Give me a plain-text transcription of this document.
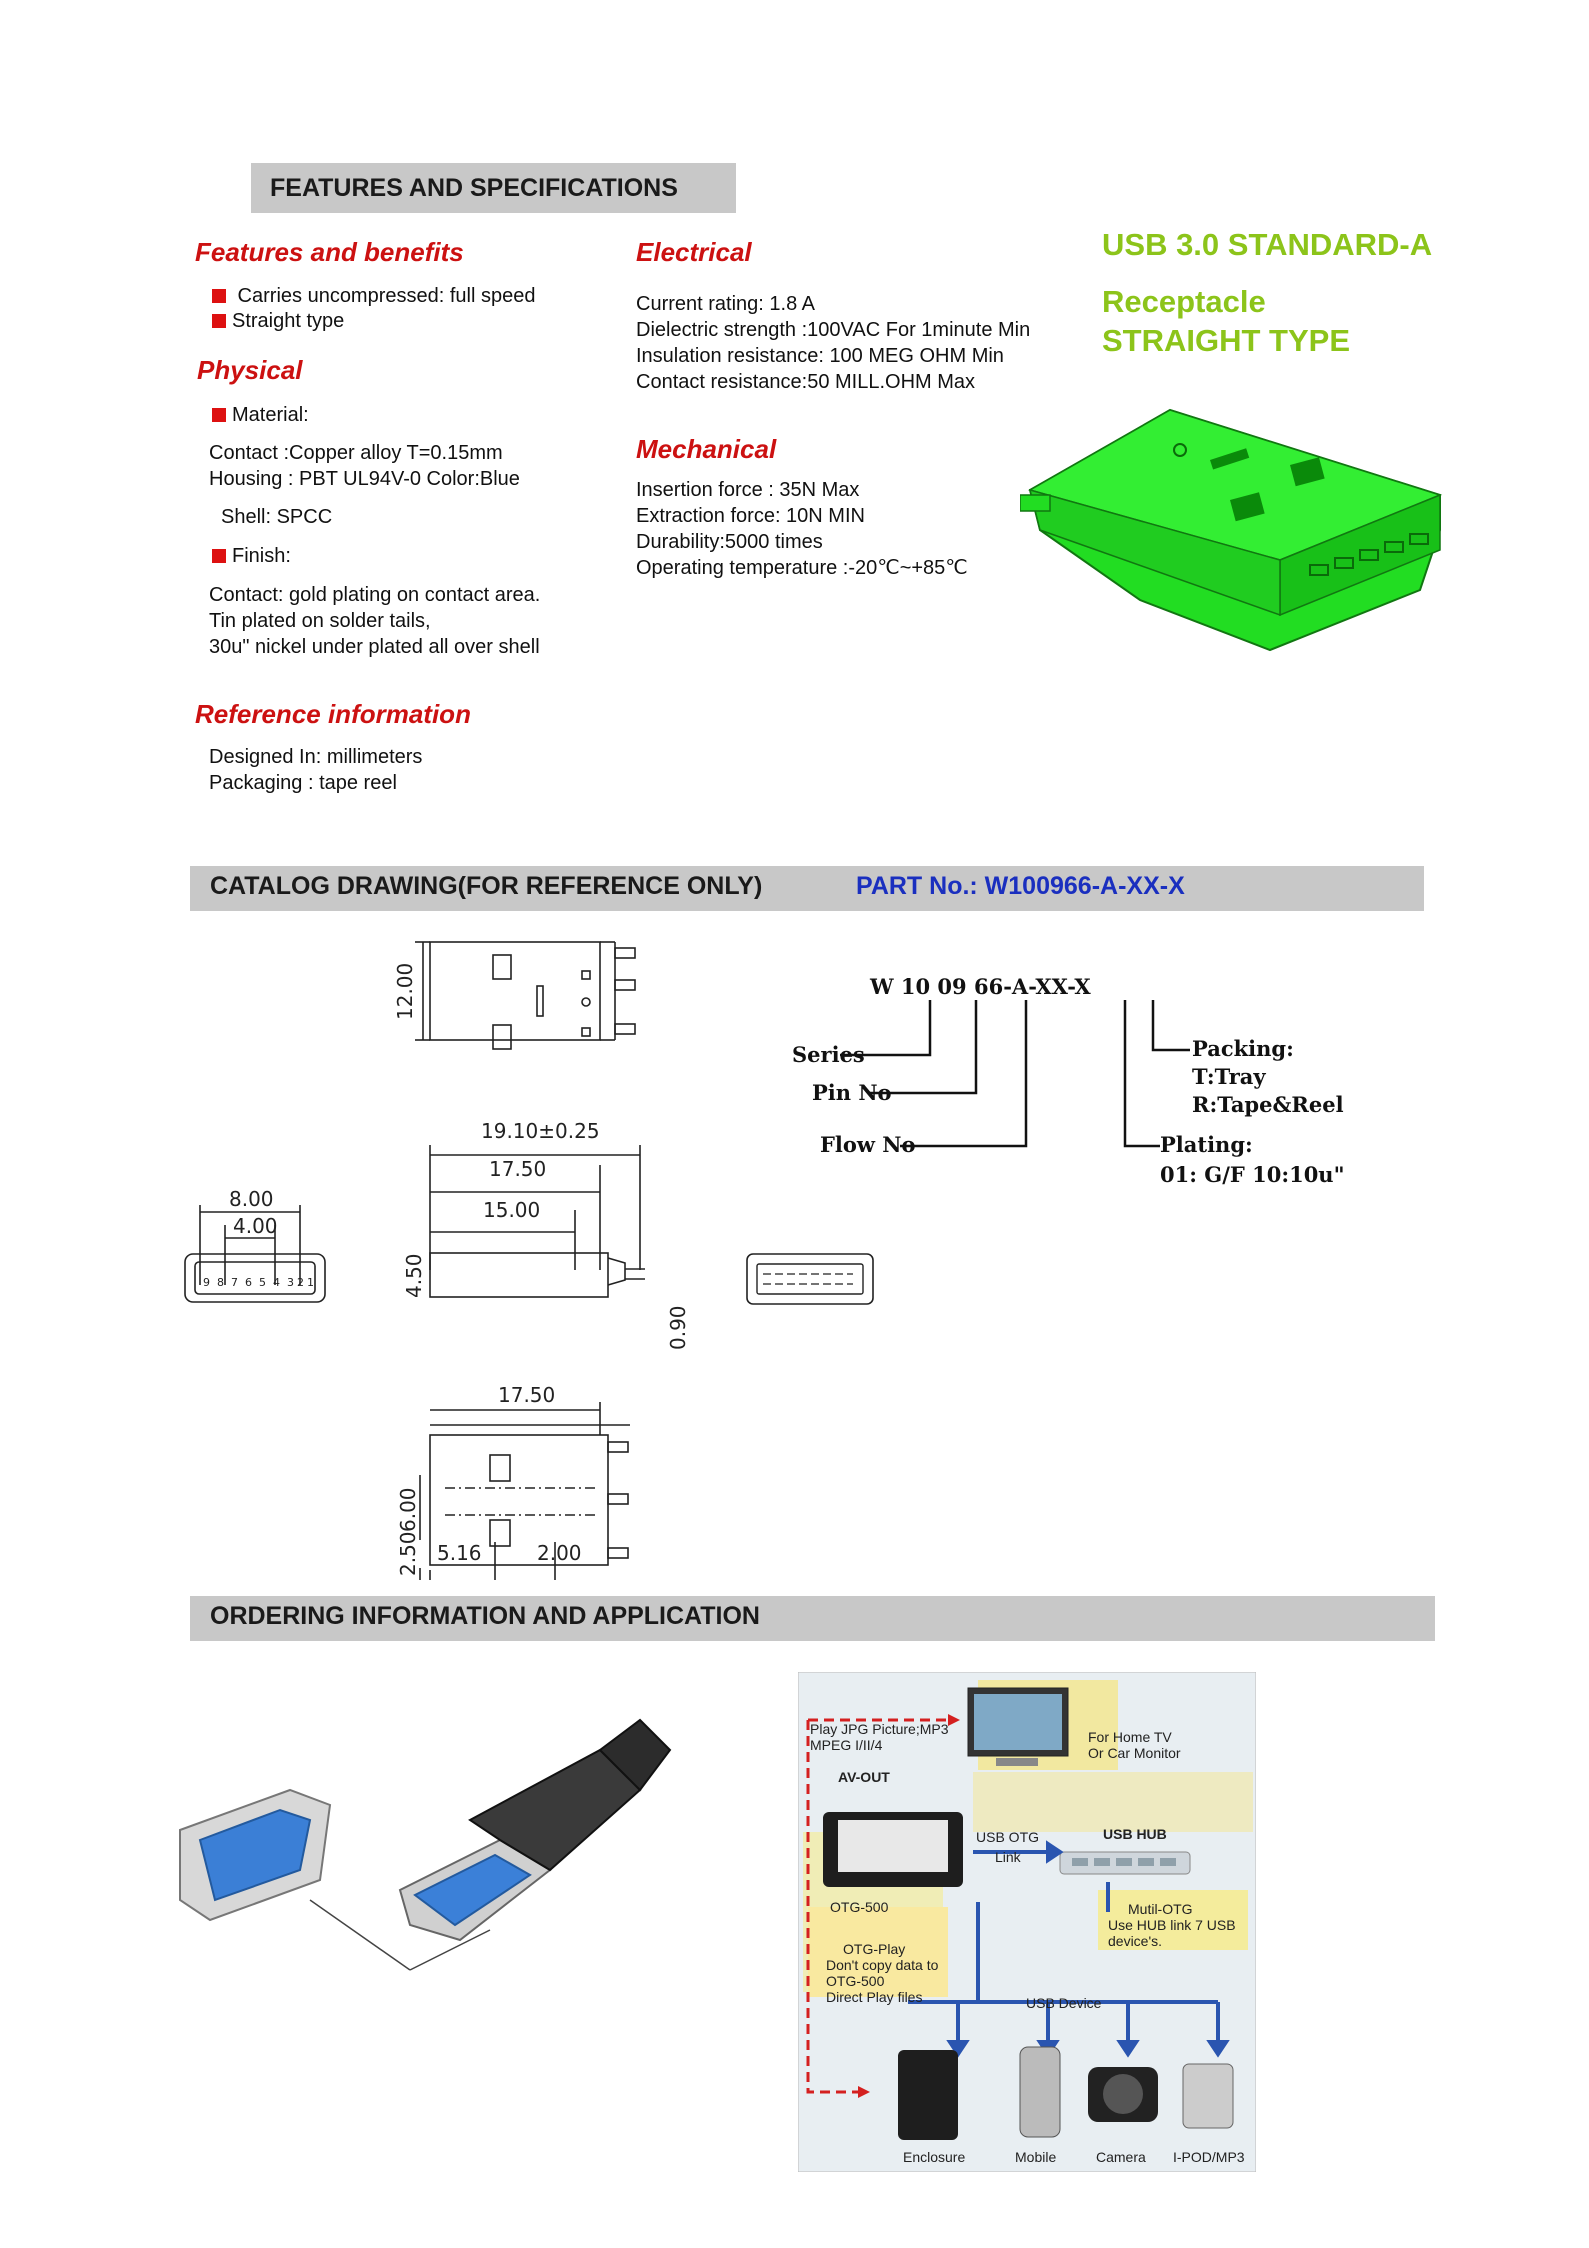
FEATURES AND SPECIFICATIONS
USB 3.0 STANDARD-A
Receptacle
STRAIGHT TYPE
Features and benefits
Carries uncompressed: full speed
Straight type
Physical
Material:
Contact :Copper alloy T=0.15mm
Housing : PBT UL94V-0 Color:Blue
Shell: SPCC
Finish:
Contact: gold plating on contact area.
Tin plated on solder tails,
30u" nickel under plated all over shell
Electrical
Current rating: 1.8 A
Dielectric strength :100VAC For 1minute Min
Insulation resistance: 100 MEG OHM Min
Contact resistance:50 MILL.OHM Max
Mechanical
Insertion force : 35N Max
Extraction force: 10N MIN
Durability:5000 times
Operating temperature :-20℃~+85℃
Reference information
Designed In: millimeters
Packaging : tape reel
CATALOG DRAWING(FOR REFERENCE ONLY)	PART No.: W100966-A-XX-X
12.00
19.10±0.25
17.50
15.00
8.00
4.00
4.50
0.90
17.50
6.00
2.50 5.16	2.00
9 8 7 6 5 4 3 2 1
W 10 09 66-A-XX-X
Series
Pin No
Flow No
Packing:
T:Tray
R:Tape&Reel
Plating:
01: G/F 10:10u"
ORDERING INFORMATION AND APPLICATION
Play JPG Picture;MP3
MPEG I/II/4
AV-OUT
For Home TV
Or Car Monitor
USB OTG
Link
USB HUB
OTG-500	Mutil-OTG
Use HUB link 7 USB
device's.
OTG-Play
Don't copy data to
OTG-500
Direct Play files	USB Device
Enclosure	Mobile	Camera I-POD/MP3
